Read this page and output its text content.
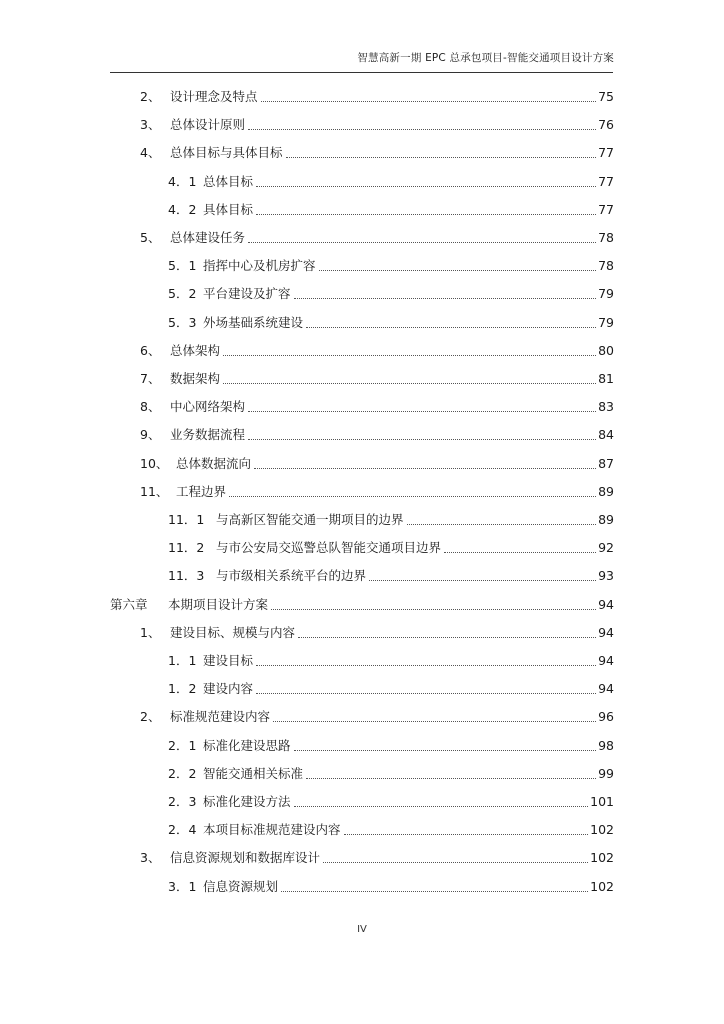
智慧高新一期 EPC 总承包项目-智能交通项目设计方案
2、 设计理念及特点	75
3、 总体设计原则	76
4、 总体目标与具体目标	77
4．1 总体目标	77
4．2 具体目标	77
5、 总体建设任务	78
5．1 指挥中心及机房扩容	78
5．2 平台建设及扩容	79
5．3 外场基础系统建设	79
6、 总体架构	80
7、 数据架构	81
8、 中心网络架构	83
9、 业务数据流程	84
10、 总体数据流向	87
11、 工程边界	89
11．1 与高新区智能交通一期项目的边界	89
11．2 与市公安局交巡警总队智能交通项目边界	92
11．3 与市级相关系统平台的边界	93
第六章	本期项目设计方案	94
1、 建设目标、规模与内容	94
1．1 建设目标	94
1．2 建设内容	94
2、 标准规范建设内容	96
2．1 标准化建设思路	98
2．2 智能交通相关标准	99
2．3 标准化建设方法	101
2．4 本项目标准规范建设内容	102
3、 信息资源规划和数据库设计	102
3．1 信息资源规划	102
IV
